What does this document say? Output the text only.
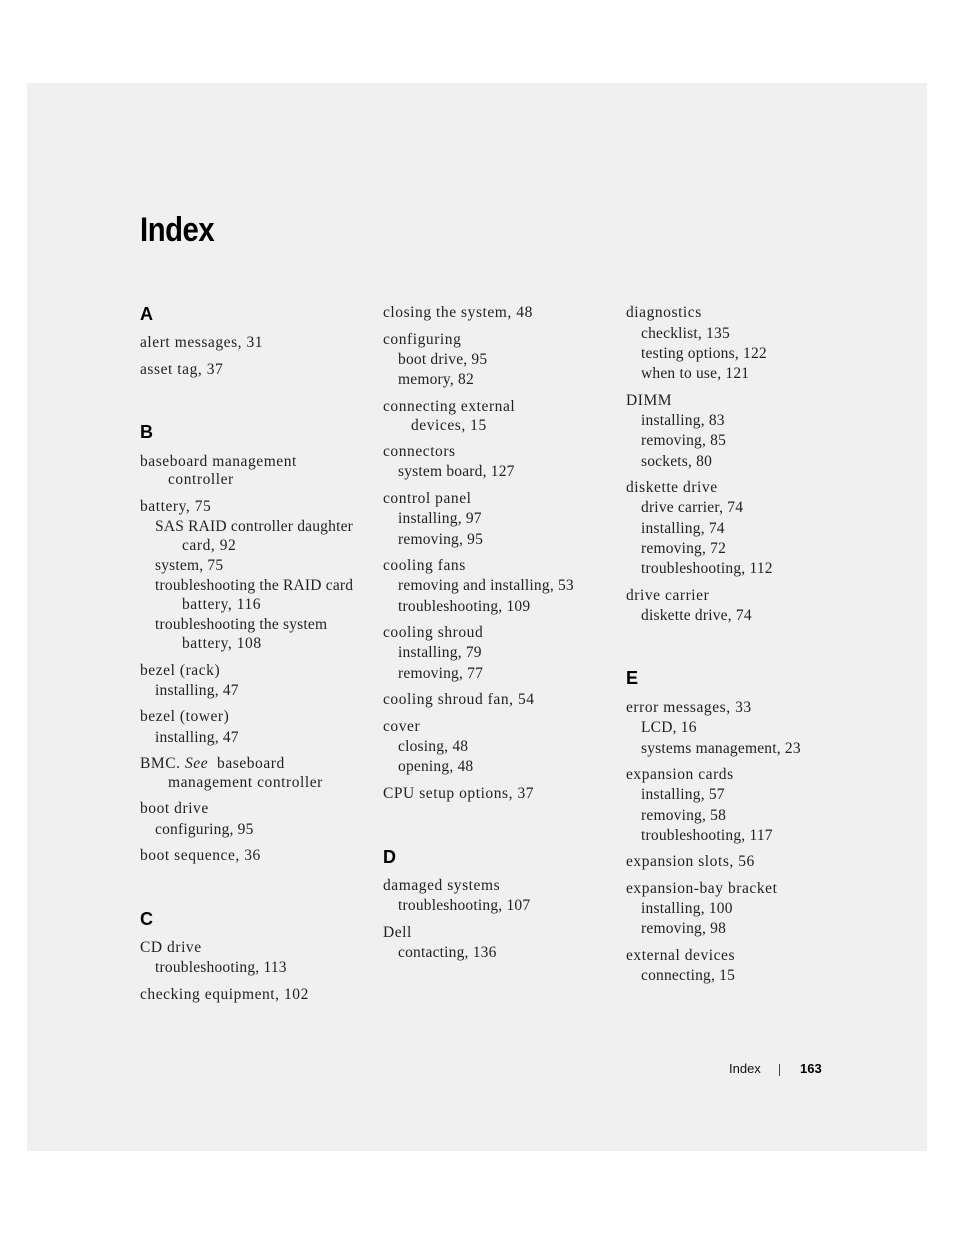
Index
A
alert messages, 31
asset tag, 37
B
baseboard management
controller
battery, 75
SAS RAID controller daughter
card, 92
system, 75
troubleshooting the RAID card
battery, 116
troubleshooting the system
battery, 108
bezel (rack)
installing, 47
bezel (tower)
installing, 47
BMC. See baseboard
management controller
boot drive
configuring, 95
boot sequence, 36
C
CD drive
troubleshooting, 113
checking equipment, 102
closing the system, 48
configuring
boot drive, 95
memory, 82
connecting external
devices, 15
connectors
system board, 127
control panel
installing, 97
removing, 95
cooling fans
removing and installing, 53
troubleshooting, 109
cooling shroud
installing, 79
removing, 77
cooling shroud fan, 54
cover
closing, 48
opening, 48
CPU setup options, 37
D
damaged systems
troubleshooting, 107
Dell
contacting, 136
diagnostics
checklist, 135
testing options, 122
when to use, 121
DIMM
installing, 83
removing, 85
sockets, 80
diskette drive
drive carrier, 74
installing, 74
removing, 72
troubleshooting, 112
drive carrier
diskette drive, 74
E
error messages, 33
LCD, 16
systems management, 23
expansion cards
installing, 57
removing, 58
troubleshooting, 117
expansion slots, 56
expansion-bay bracket
installing, 100
removing, 98
external devices
connecting, 15
Index	163
